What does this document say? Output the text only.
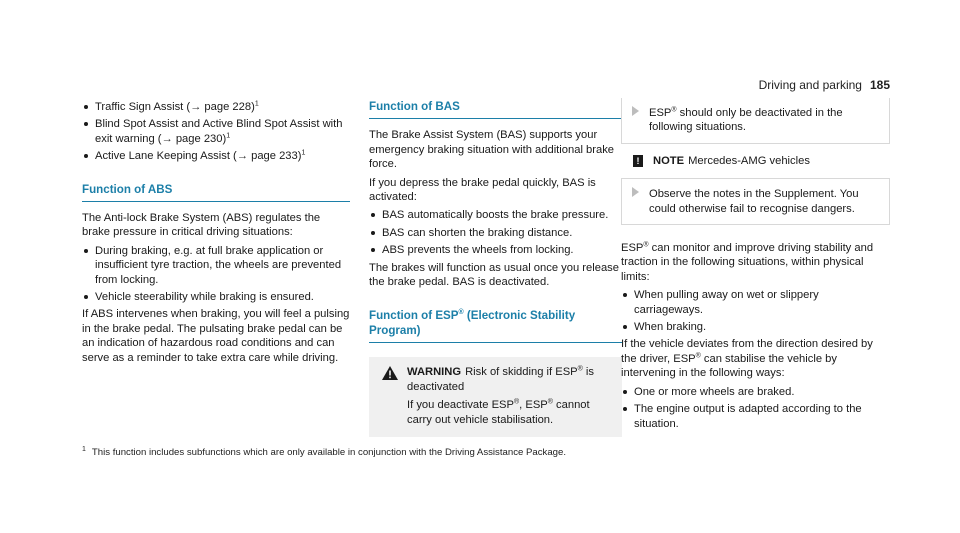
Driving and parking 185
Traffic Sign Assist (→ page 228)$^1$
Blind Spot Assist and Active Blind Spot Assist with exit warning (→ page 230)$^1$
Active Lane Keeping Assist (→ page 233)$^1$
Function of ABS

The Anti-lock Brake System (ABS) regulates the brake pressure in critical driving situations:

During braking, e.g. at full brake application or insufficient tyre traction, the wheels are prevented from locking.
Vehicle steerability while braking is ensured.

If ABS intervenes when braking, you will feel a pulsing in the brake pedal. The pulsating brake pedal can be an indication of hazardous road conditions and can serve as a reminder to take extra care while driving.

Function of BAS

The Brake Assist System (BAS) supports your emergency braking situation with additional brake force.

If you depress the brake pedal quickly, BAS is activated:

BAS automatically boosts the brake pressure.
BAS can shorten the braking distance.
ABS prevents the wheels from locking.

The brakes will function as usual once you release the brake pedal. BAS is deactivated.

Function of ESP® (Electronic Stability Program)

WARNING Risk of skidding if ESP® is deactivated

If you deactivate ESP®, ESP® cannot carry out vehicle stabilisation.

ESP® should only be deactivated in the following situations.
!	NOTE Mercedes-AMG vehicles
Observe the notes in the Supplement. You could otherwise fail to recognise dangers.

ESP® can monitor and improve driving stability and traction in the following situations, within physical limits:

When pulling away on wet or slippery carriageways.
When braking.

If the vehicle deviates from the direction desired by the driver, ESP® can stabilise the vehicle by intervening in the following ways:

One or more wheels are braked.
The engine output is adapted according to the situation.
$^1$ This function includes subfunctions which are only available in conjunction with the Driving Assistance Package.
